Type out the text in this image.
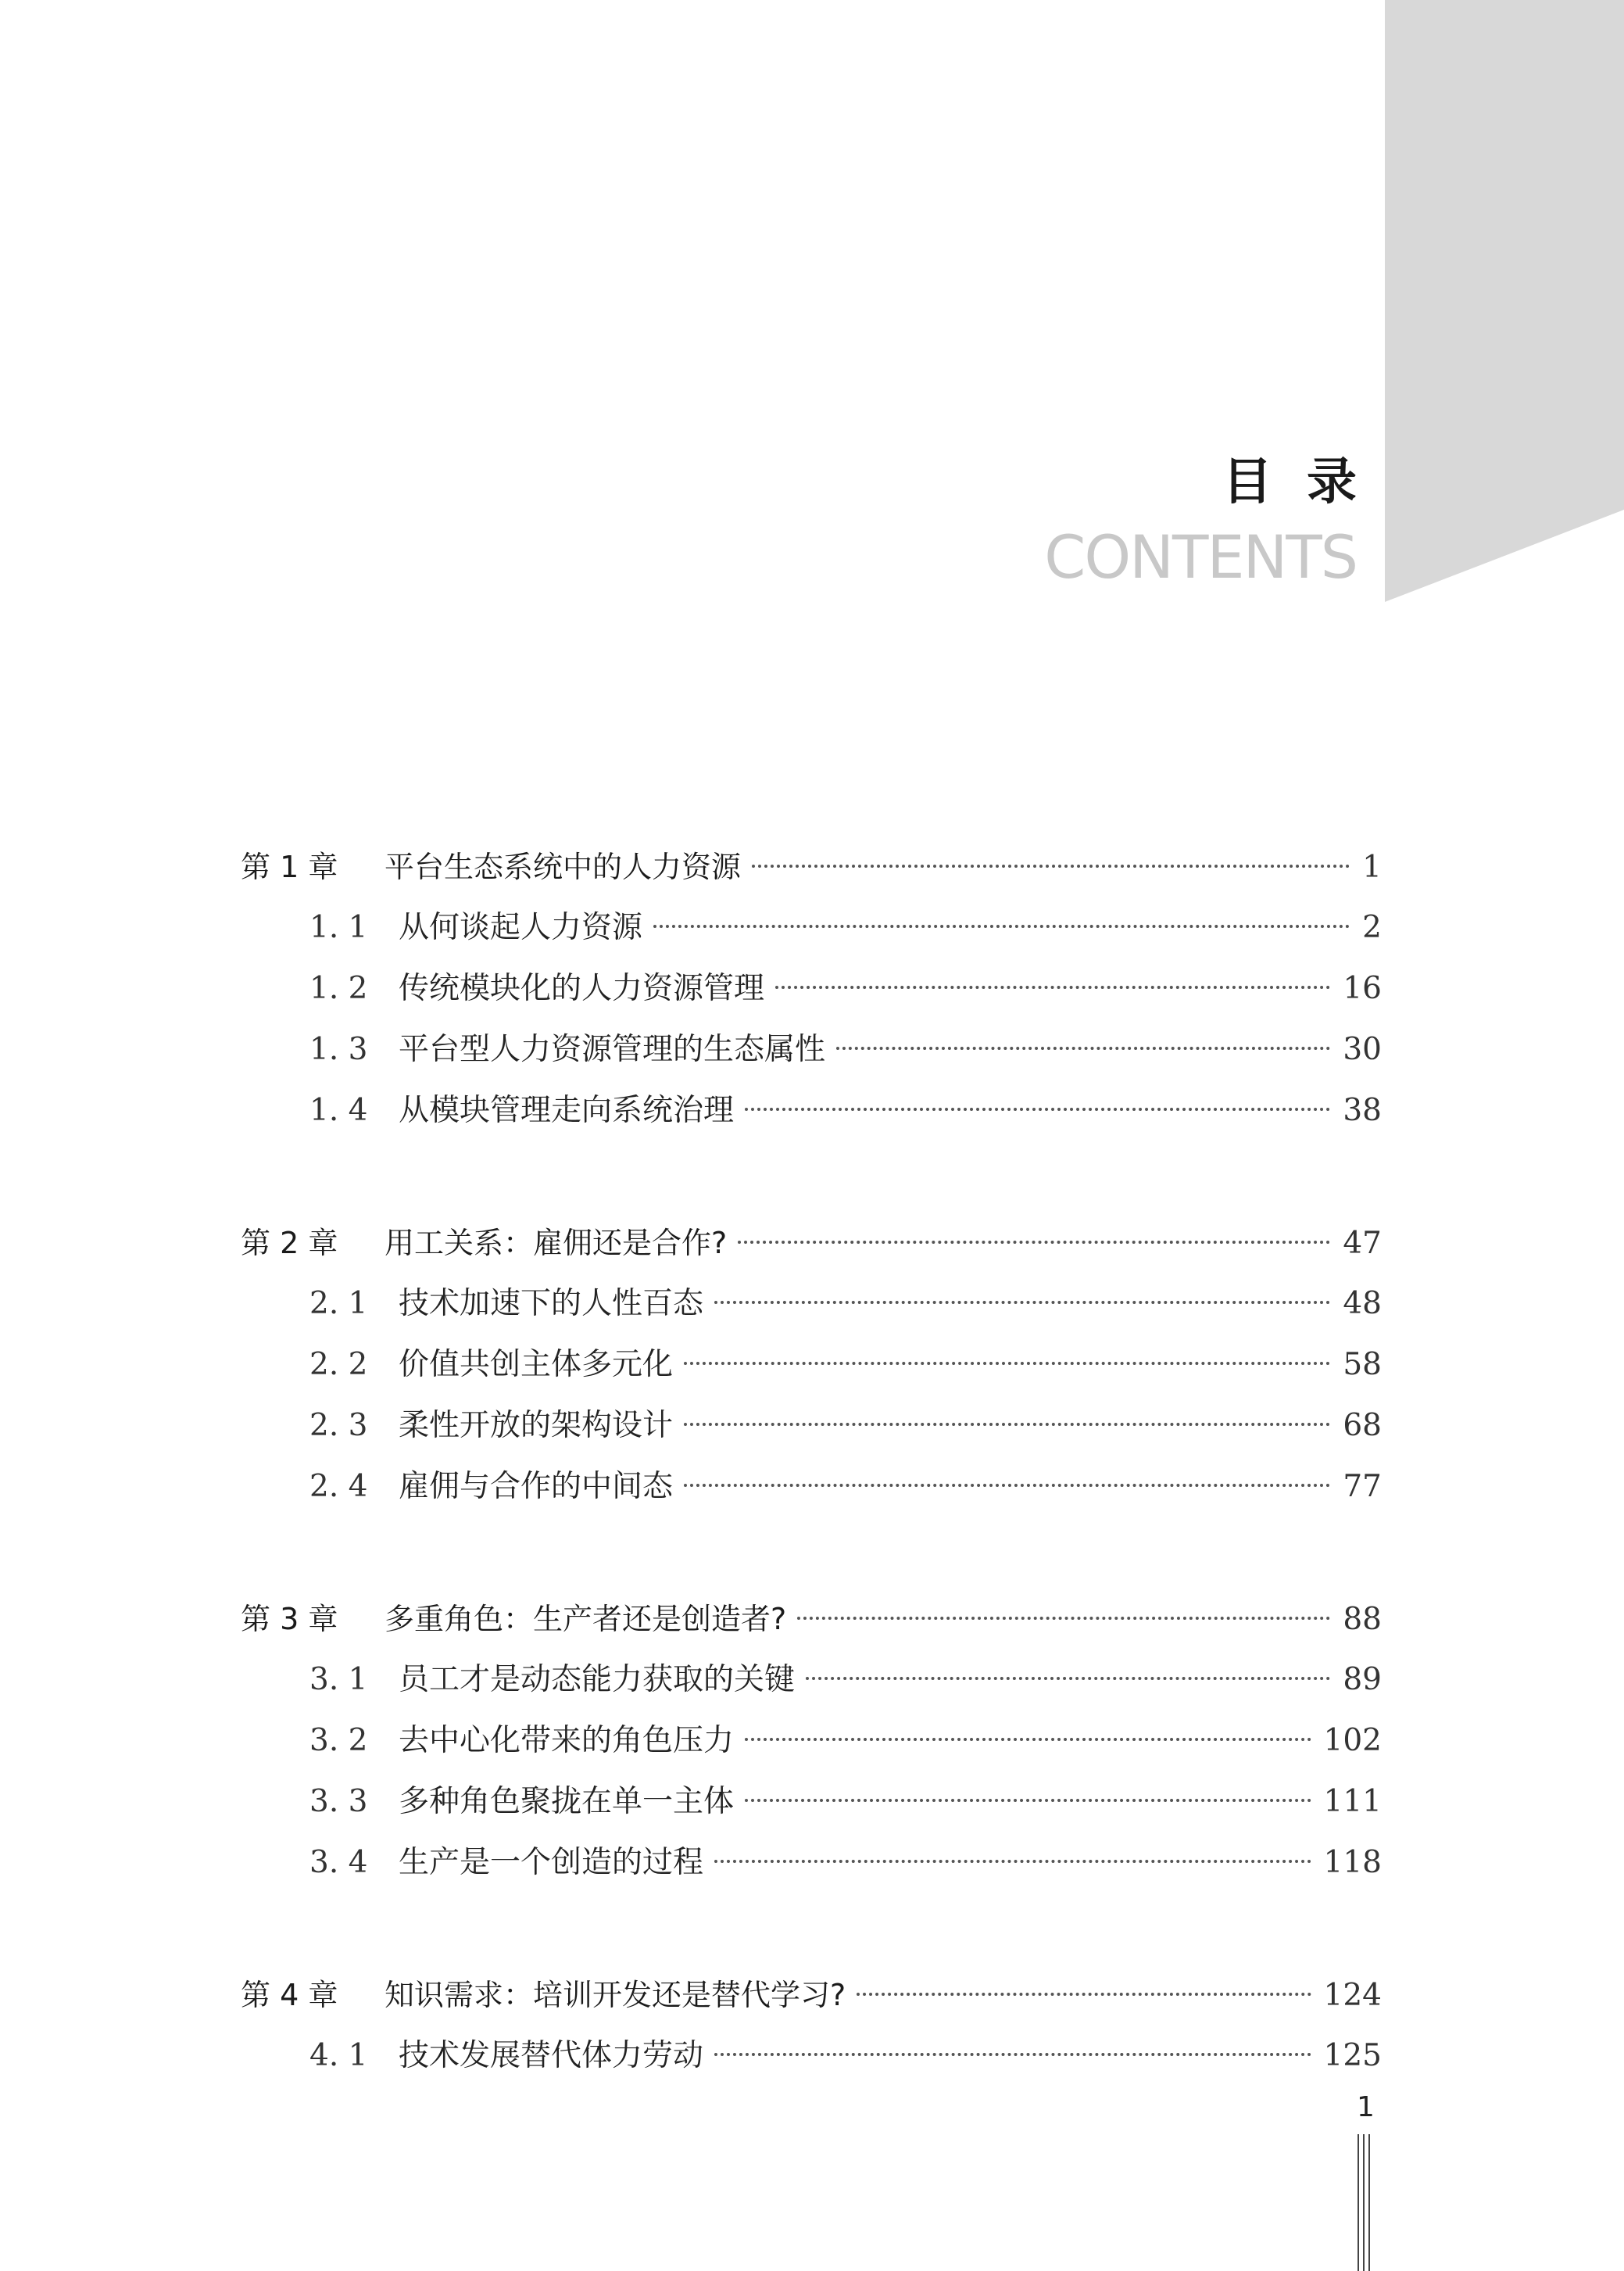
目录
CONTENTS
第 1 章	平台生态系统中的人力资源	1
1. 1	从何谈起人力资源	2
1. 2	传统模块化的人力资源管理	16
1. 3	平台型人力资源管理的生态属性	30
1. 4	从模块管理走向系统治理	38
第 2 章	用工关系：雇佣还是合作?	47
2. 1	技术加速下的人性百态	48
2. 2	价值共创主体多元化	58
2. 3	柔性开放的架构设计	68
2. 4	雇佣与合作的中间态	77
第 3 章	多重角色：生产者还是创造者?	88
3. 1	员工才是动态能力获取的关键	89
3. 2	去中心化带来的角色压力	102
3. 3	多种角色聚拢在单一主体	111
3. 4	生产是一个创造的过程	118
第 4 章	知识需求：培训开发还是替代学习?	124
4. 1	技术发展替代体力劳动	125
1
